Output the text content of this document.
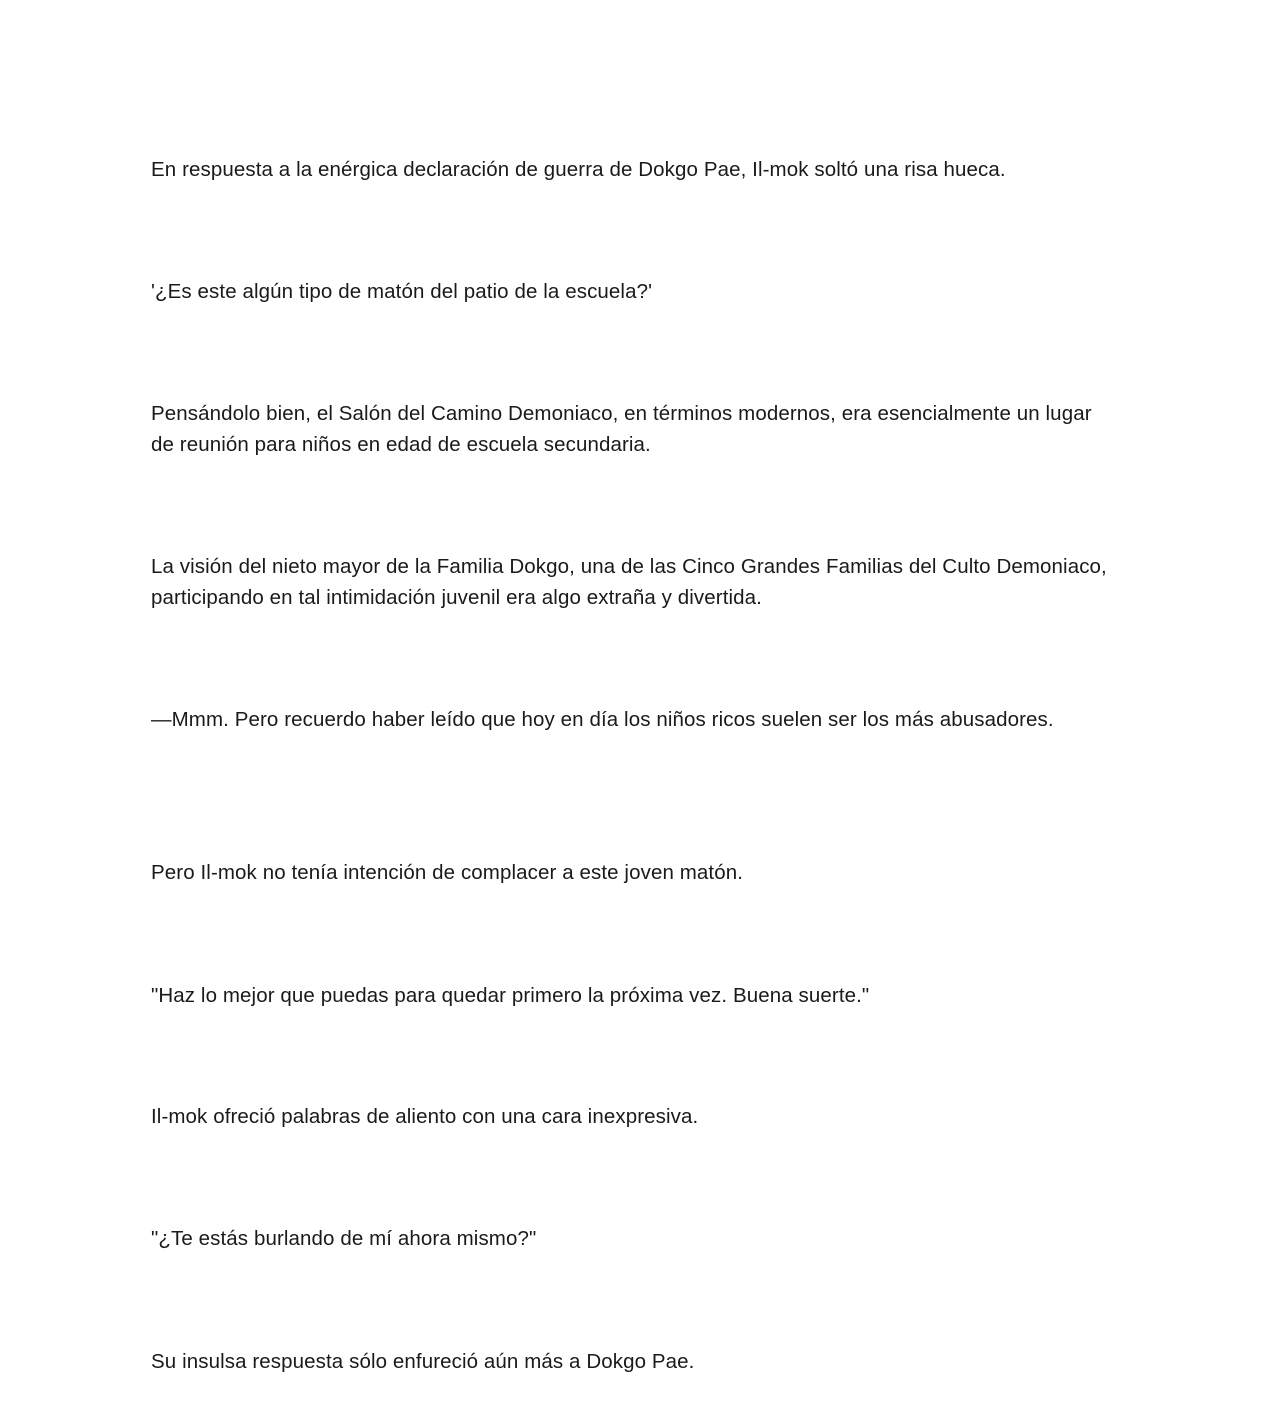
En respuesta a la enérgica declaración de guerra de Dokgo Pae, Il-mok soltó una risa hueca.

'¿Es este algún tipo de matón del patio de la escuela?'

Pensándolo bien, el Salón del Camino Demoniaco, en términos modernos, era esencialmente un lugar de reunión para niños en edad de escuela secundaria.

La visión del nieto mayor de la Familia Dokgo, una de las Cinco Grandes Familias del Culto Demoniaco, participando en tal intimidación juvenil era algo extraña y divertida.

—Mmm. Pero recuerdo haber leído que hoy en día los niños ricos suelen ser los más abusadores.

Pero Il-mok no tenía intención de complacer a este joven matón.

"Haz lo mejor que puedas para quedar primero la próxima vez. Buena suerte."

Il-mok ofreció palabras de aliento con una cara inexpresiva.

"¿Te estás burlando de mí ahora mismo?"

Su insulsa respuesta sólo enfureció aún más a Dokgo Pae.
